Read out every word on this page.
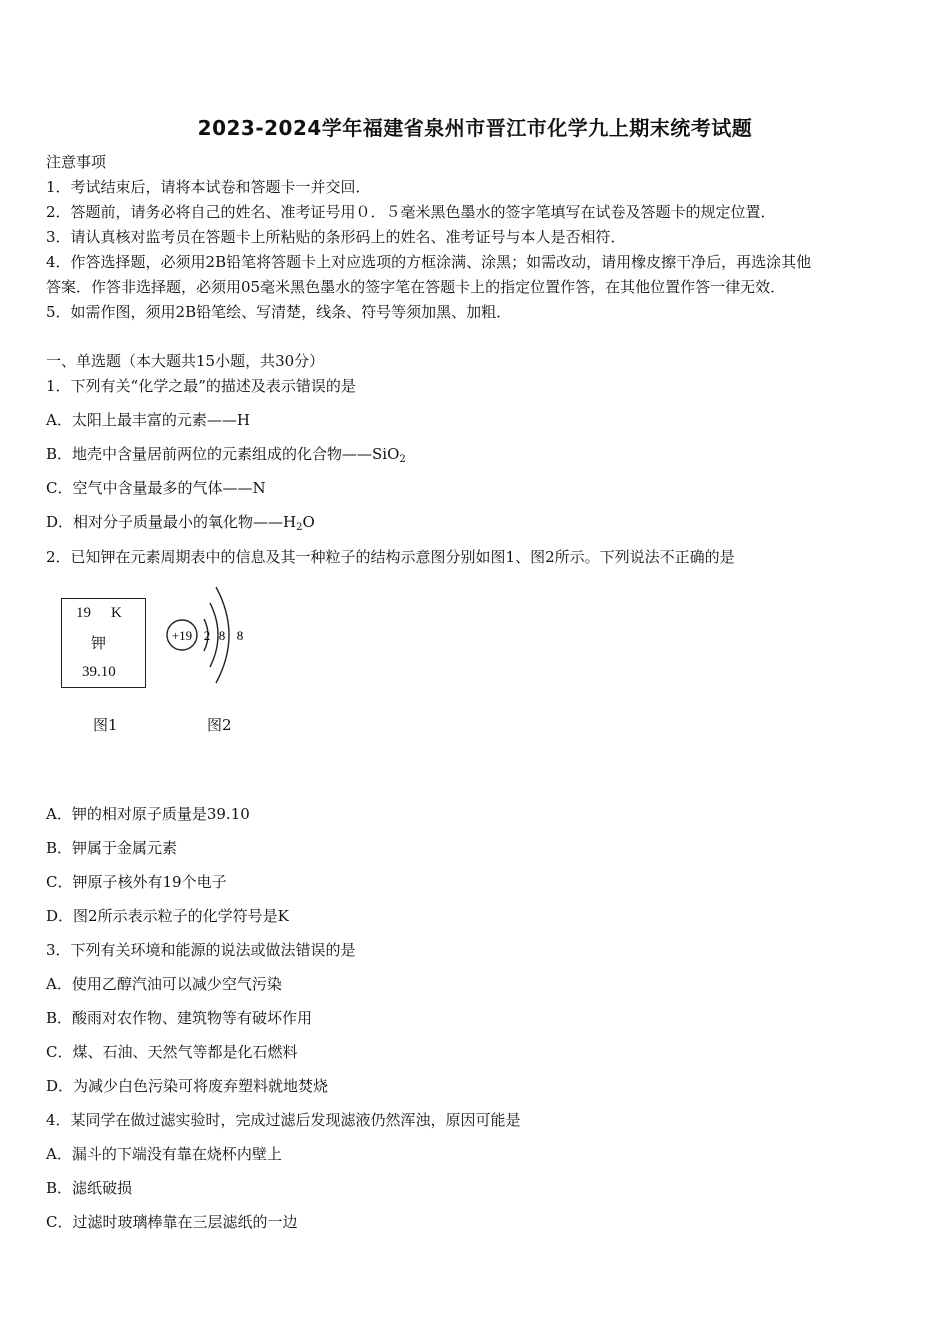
2023-2024学年福建省泉州市晋江市化学九上期末统考试题
注意事项
1．考试结束后，请将本试卷和答题卡一并交回．
2．答题前，请务必将自己的姓名、准考证号用０．５毫米黑色墨水的签字笔填写在试卷及答题卡的规定位置．
3．请认真核对监考员在答题卡上所粘贴的条形码上的姓名、准考证号与本人是否相符．
4．作答选择题，必须用2B铅笔将答题卡上对应选项的方框涂满、涂黑；如需改动，请用橡皮擦干净后，再选涂其他
答案．作答非选择题，必须用05毫米黑色墨水的签字笔在答题卡上的指定位置作答，在其他位置作答一律无效．
5．如需作图，须用2B铅笔绘、写清楚，线条、符号等须加黑、加粗．
一、单选题（本大题共15小题，共30分）
1．下列有关“化学之最”的描述及表示错误的是
A．太阳上最丰富的元素——H
B．地壳中含量居前两位的元素组成的化合物——SiO$_2$
C．空气中含量最多的气体——N
D．相对分子质量最小的氧化物$——H_2O$
2．已知钾在元素周期表中的信息及其一种粒子的结构示意图分别如图1、图2所示。下列说法不正确的是
19 K
钾
39.10
+19 2 8 8
图1	图2
A．钾的相对原子质量是39.10
B．钾属于金属元素
C．钾原子核外有19个电子
D．图2所示表示粒子的化学符号是K
3．下列有关环境和能源的说法或做法错误的是
A．使用乙醇汽油可以减少空气污染
B．酸雨对农作物、建筑物等有破坏作用
C．煤、石油、天然气等都是化石燃料
D．为减少白色污染可将废弃塑料就地焚烧
4．某同学在做过滤实验时，完成过滤后发现滤液仍然浑浊，原因可能是
A．漏斗的下端没有靠在烧杯内壁上
B．滤纸破损
C．过滤时玻璃棒靠在三层滤纸的一边
